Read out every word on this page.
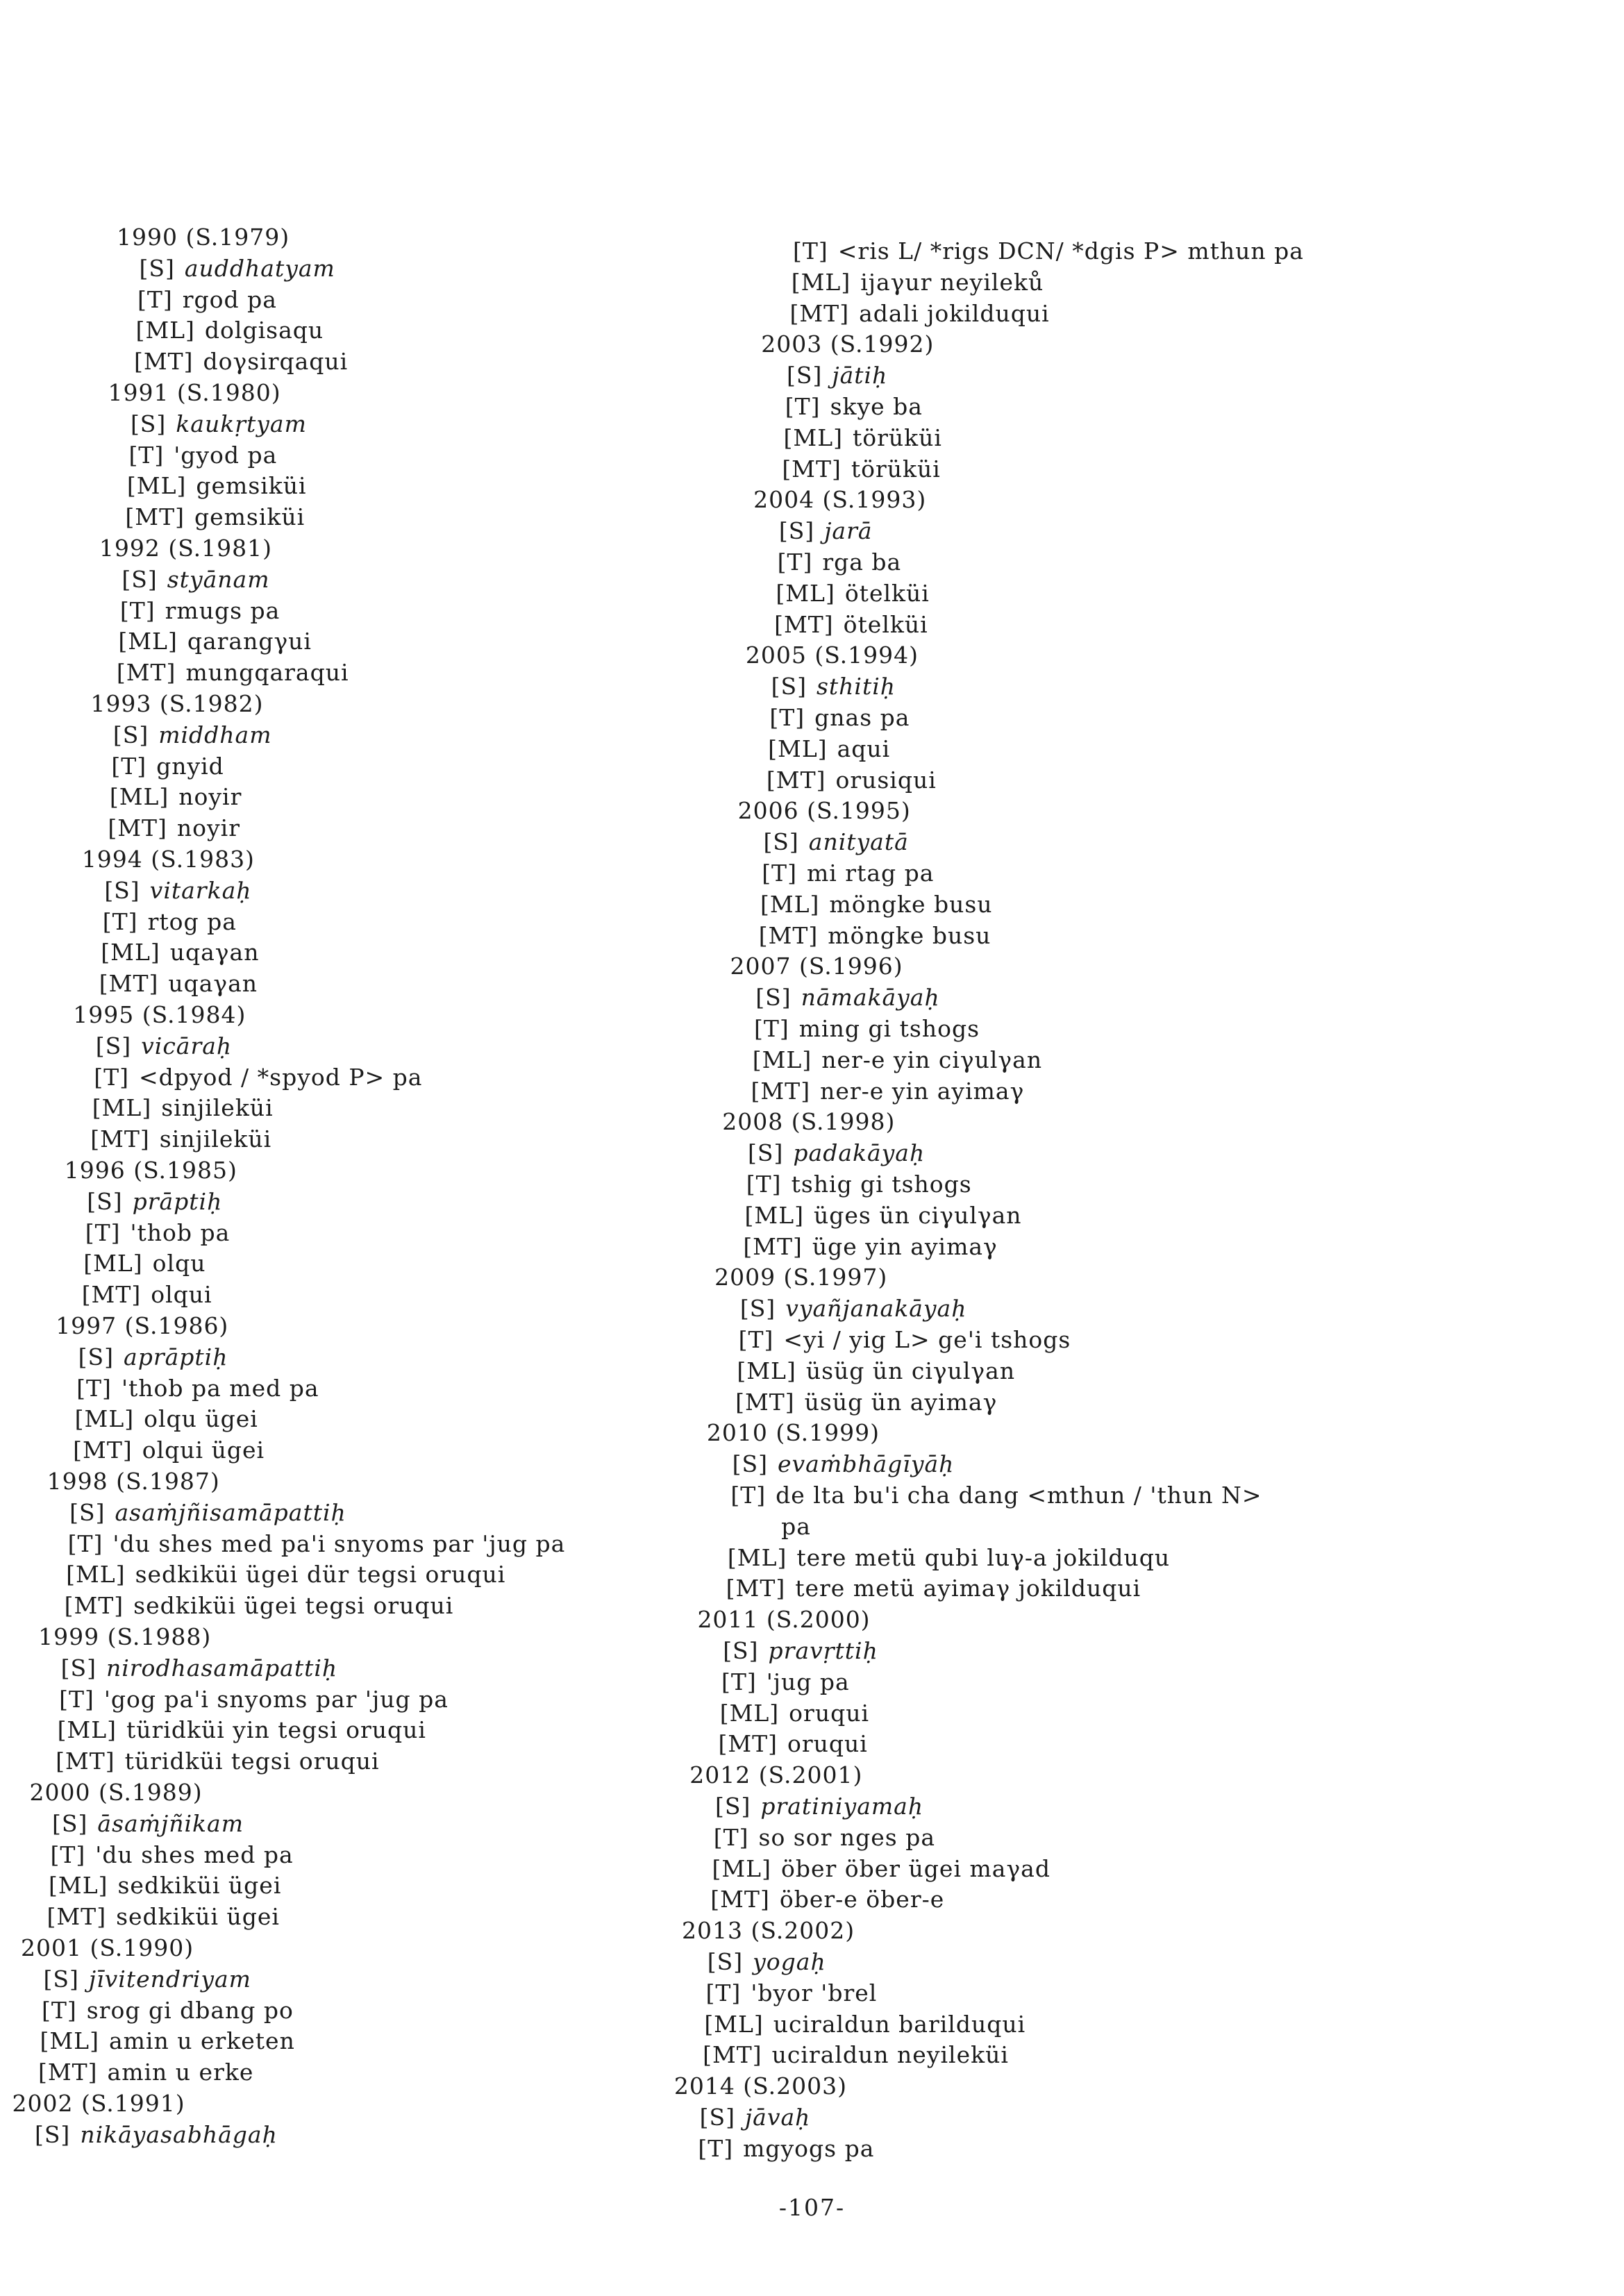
1990 (S.1979)
[S] auddhatyam
[T] rgod pa
[ML] dolgisaqu
[MT] doγsirqaqui
1991 (S.1980)
[S] kaukṛtyam
[T] 'gyod pa
[ML] gemsiküi
[MT] gemsiküi
1992 (S.1981)
[S] styānam
[T] rmugs pa
[ML] qarangγui
[MT] mungqaraqui
1993 (S.1982)
[S] middham
[T] gnyid
[ML] noyir
[MT] noyir
1994 (S.1983)
[S] vitarkaḥ
[T] rtog pa
[ML] uqaγan
[MT] uqaγan
1995 (S.1984)
[S] vicāraḥ
[T] <dpyod / *spyod P> pa
[ML] sinjileküi
[MT] sinjileküi
1996 (S.1985)
[S] prāptiḥ
[T] 'thob pa
[ML] olqu
[MT] olqui
1997 (S.1986)
[S] aprāptiḥ
[T] 'thob pa med pa
[ML] olqu ügei
[MT] olqui ügei
1998 (S.1987)
[S] asaṁjñisamāpattiḥ
[T] 'du shes med pa'i snyoms par 'jug pa
[ML] sedkiküi ügei dür tegsi oruqui
[MT] sedkiküi ügei tegsi oruqui
1999 (S.1988)
[S] nirodhasamāpattiḥ
[T] 'gog pa'i snyoms par 'jug pa
[ML] türidküi yin tegsi oruqui
[MT] türidküi tegsi oruqui
2000 (S.1989)
[S] āsaṁjñikam
[T] 'du shes med pa
[ML] sedkiküi ügei
[MT] sedkiküi ügei
2001 (S.1990)
[S] jīvitendriyam
[T] srog gi dbang po
[ML] amin u erketen
[MT] amin u erke
2002 (S.1991)
[S] nikāyasabhāgaḥ
[T] <ris L/ *rigs DCN/ *dgis P> mthun pa
[ML] ijaγur neyileků
[MT] adali jokilduqui
2003 (S.1992)
[S] jātiḥ
[T] skye ba
[ML] törüküi
[MT] törüküi
2004 (S.1993)
[S] jarā
[T] rga ba
[ML] ötelküi
[MT] ötelküi
2005 (S.1994)
[S] sthitiḥ
[T] gnas pa
[ML] aqui
[MT] orusiqui
2006 (S.1995)
[S] anityatā
[T] mi rtag pa
[ML] möngke busu
[MT] möngke busu
2007 (S.1996)
[S] nāmakāyaḥ
[T] ming gi tshogs
[ML] ner-e yin ciγulγan
[MT] ner-e yin ayimaγ
2008 (S.1998)
[S] padakāyaḥ
[T] tshig gi tshogs
[ML] üges ün ciγulγan
[MT] üge yin ayimaγ
2009 (S.1997)
[S] vyañjanakāyaḥ
[T] <yi / yig L> ge'i tshogs
[ML] üsüg ün ciγulγan
[MT] üsüg ün ayimaγ
2010 (S.1999)
[S] evaṁbhāgīyāḥ
[T] de lta bu'i cha dang <mthun / 'thun N>
pa
[ML] tere metü qubi luγ-a jokilduqu
[MT] tere metü ayimaγ jokilduqui
2011 (S.2000)
[S] pravṛttiḥ
[T] 'jug pa
[ML] oruqui
[MT] oruqui
2012 (S.2001)
[S] pratiniyamaḥ
[T] so sor nges pa
[ML] öber öber ügei maγad
[MT] öber-e öber-e
2013 (S.2002)
[S] yogaḥ
[T] 'byor 'brel
[ML] uciraldun barilduqui
[MT] uciraldun neyileküi
2014 (S.2003)
[S] jāvaḥ
[T] mgyogs pa
-107-
